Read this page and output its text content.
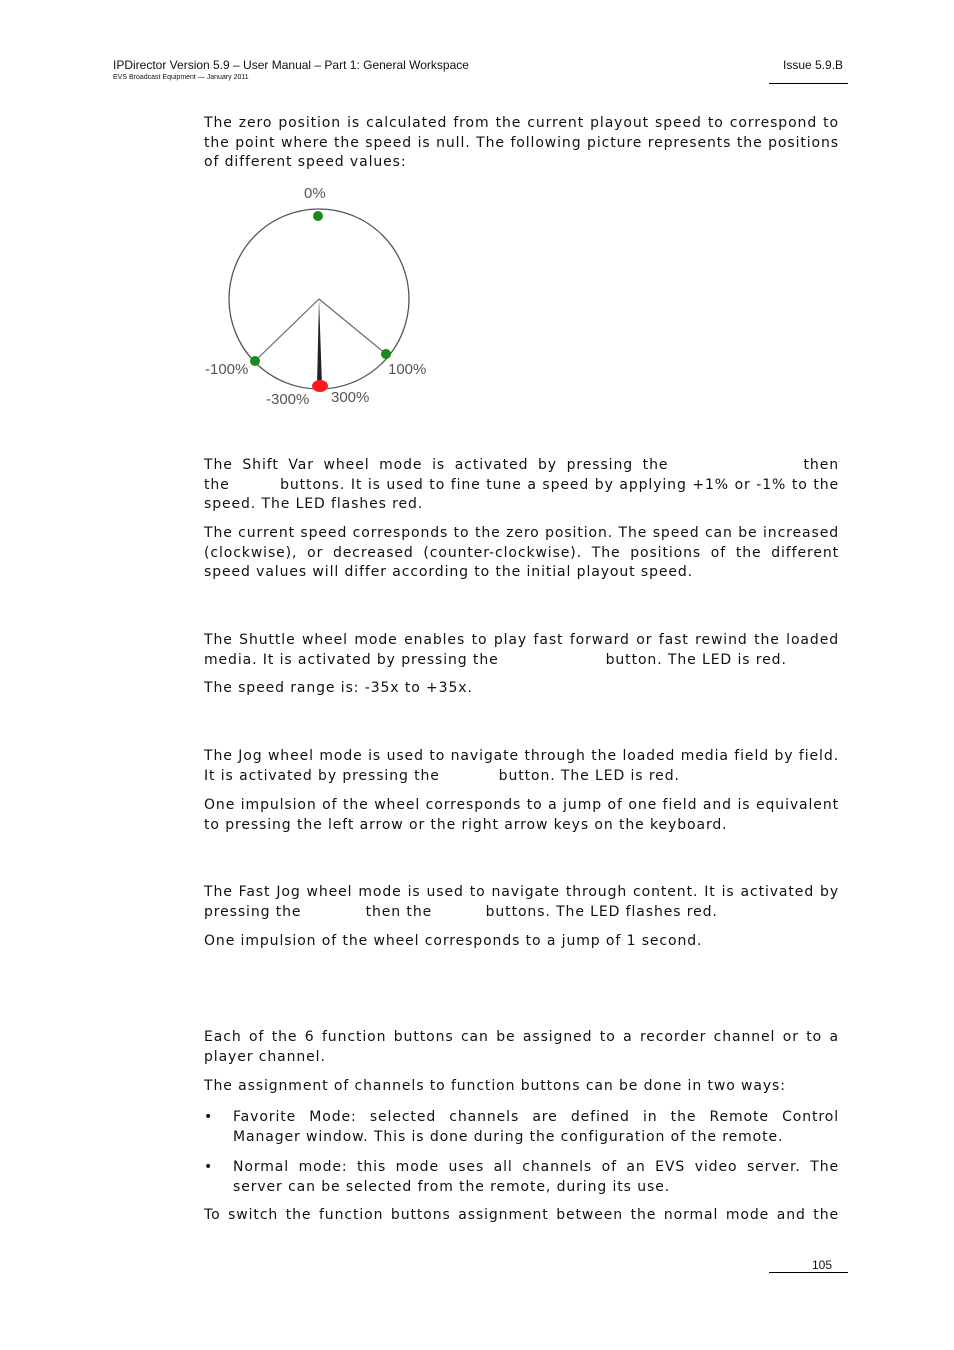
IPDirector Version 5.9 – User Manual – Part 1: General Workspace
EVS Broadcast Equipment — January 2011
Issue 5.9.B

The zero position is calculated from the current playout speed to correspond to the point where the speed is null. The following picture represents the positions of different speed values:

0%
-100%	100%
-300% 300%

The Shift Var wheel mode is activated by pressing the	then the	buttons. It is used to fine tune a speed by applying +1% or -1% to the speed. The LED flashes red.

The current speed corresponds to the zero position. The speed can be increased (clockwise), or decreased (counter-clockwise). The positions of the different speed values will differ according to the initial playout speed.

The Shuttle wheel mode enables to play fast forward or fast rewind the loaded media. It is activated by pressing the	button. The LED is red.

The speed range is: -35x to +35x.

The Jog wheel mode is used to navigate through the loaded media field by field. It is activated by pressing the	button. The LED is red.

One impulsion of the wheel corresponds to a jump of one field and is equivalent to pressing the left arrow or the right arrow keys on the keyboard.

The Fast Jog wheel mode is used to navigate through content. It is activated by pressing the	then the	buttons. The LED flashes red.

One impulsion of the wheel corresponds to a jump of 1 second.

Each of the 6 function buttons can be assigned to a recorder channel or to a player channel.

The assignment of channels to function buttons can be done in two ways:

•	Favorite Mode: selected channels are defined in the Remote Control Manager window. This is done during the configuration of the remote.
•	Normal mode: this mode uses all channels of an EVS video server. The server can be selected from the remote, during its use.

To switch the function buttons assignment between the normal mode and the

105
